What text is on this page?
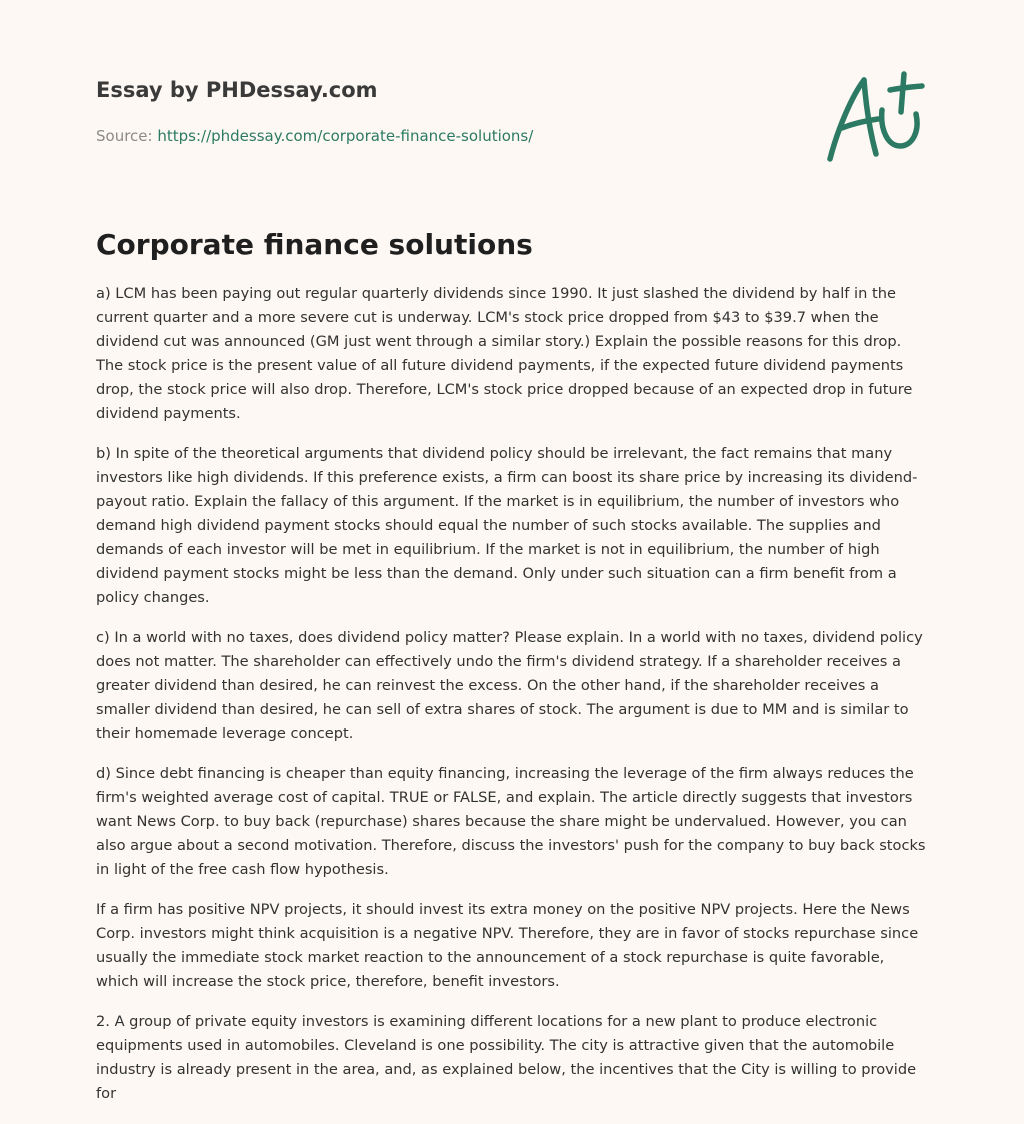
Essay by PHDessay.com
Source: https://phdessay.com/corporate-finance-solutions/
Corporate finance solutions

a) LCM has been paying out regular quarterly dividends since 1990. It just slashed the dividend by half in the current quarter and a more severe cut is underway. LCM's stock price dropped from $43 to $39.7 when the dividend cut was announced (GM just went through a similar story.) Explain the possible reasons for this drop. The stock price is the present value of all future dividend payments, if the expected future dividend payments drop, the stock price will also drop. Therefore, LCM's stock price dropped because of an expected drop in future dividend payments.

b) In spite of the theoretical arguments that dividend policy should be irrelevant, the fact remains that many investors like high dividends. If this preference exists, a firm can boost its share price by increasing its dividend-payout ratio. Explain the fallacy of this argument. If the market is in equilibrium, the number of investors who demand high dividend payment stocks should equal the number of such stocks available. The supplies and demands of each investor will be met in equilibrium. If the market is not in equilibrium, the number of high dividend payment stocks might be less than the demand. Only under such situation can a firm benefit from a policy changes.

c) In a world with no taxes, does dividend policy matter? Please explain. In a world with no taxes, dividend policy does not matter. The shareholder can effectively undo the firm's dividend strategy. If a shareholder receives a greater dividend than desired, he can reinvest the excess. On the other hand, if the shareholder receives a smaller dividend than desired, he can sell of extra shares of stock. The argument is due to MM and is similar to their homemade leverage concept.

d) Since debt financing is cheaper than equity financing, increasing the leverage of the firm always reduces the firm's weighted average cost of capital. TRUE or FALSE, and explain. The article directly suggests that investors want News Corp. to buy back (repurchase) shares because the share might be undervalued. However, you can also argue about a second motivation. Therefore, discuss the investors' push for the company to buy back stocks in light of the free cash flow hypothesis.

If a firm has positive NPV projects, it should invest its extra money on the positive NPV projects. Here the News Corp. investors might think acquisition is a negative NPV. Therefore, they are in favor of stocks repurchase since usually the immediate stock market reaction to the announcement of a stock repurchase is quite favorable, which will increase the stock price, therefore, benefit investors.

2. A group of private equity investors is examining different locations for a new plant to produce electronic equipments used in automobiles. Cleveland is one possibility. The city is attractive given that the automobile industry is already present in the area, and, as explained below, the incentives that the City is willing to provide for
